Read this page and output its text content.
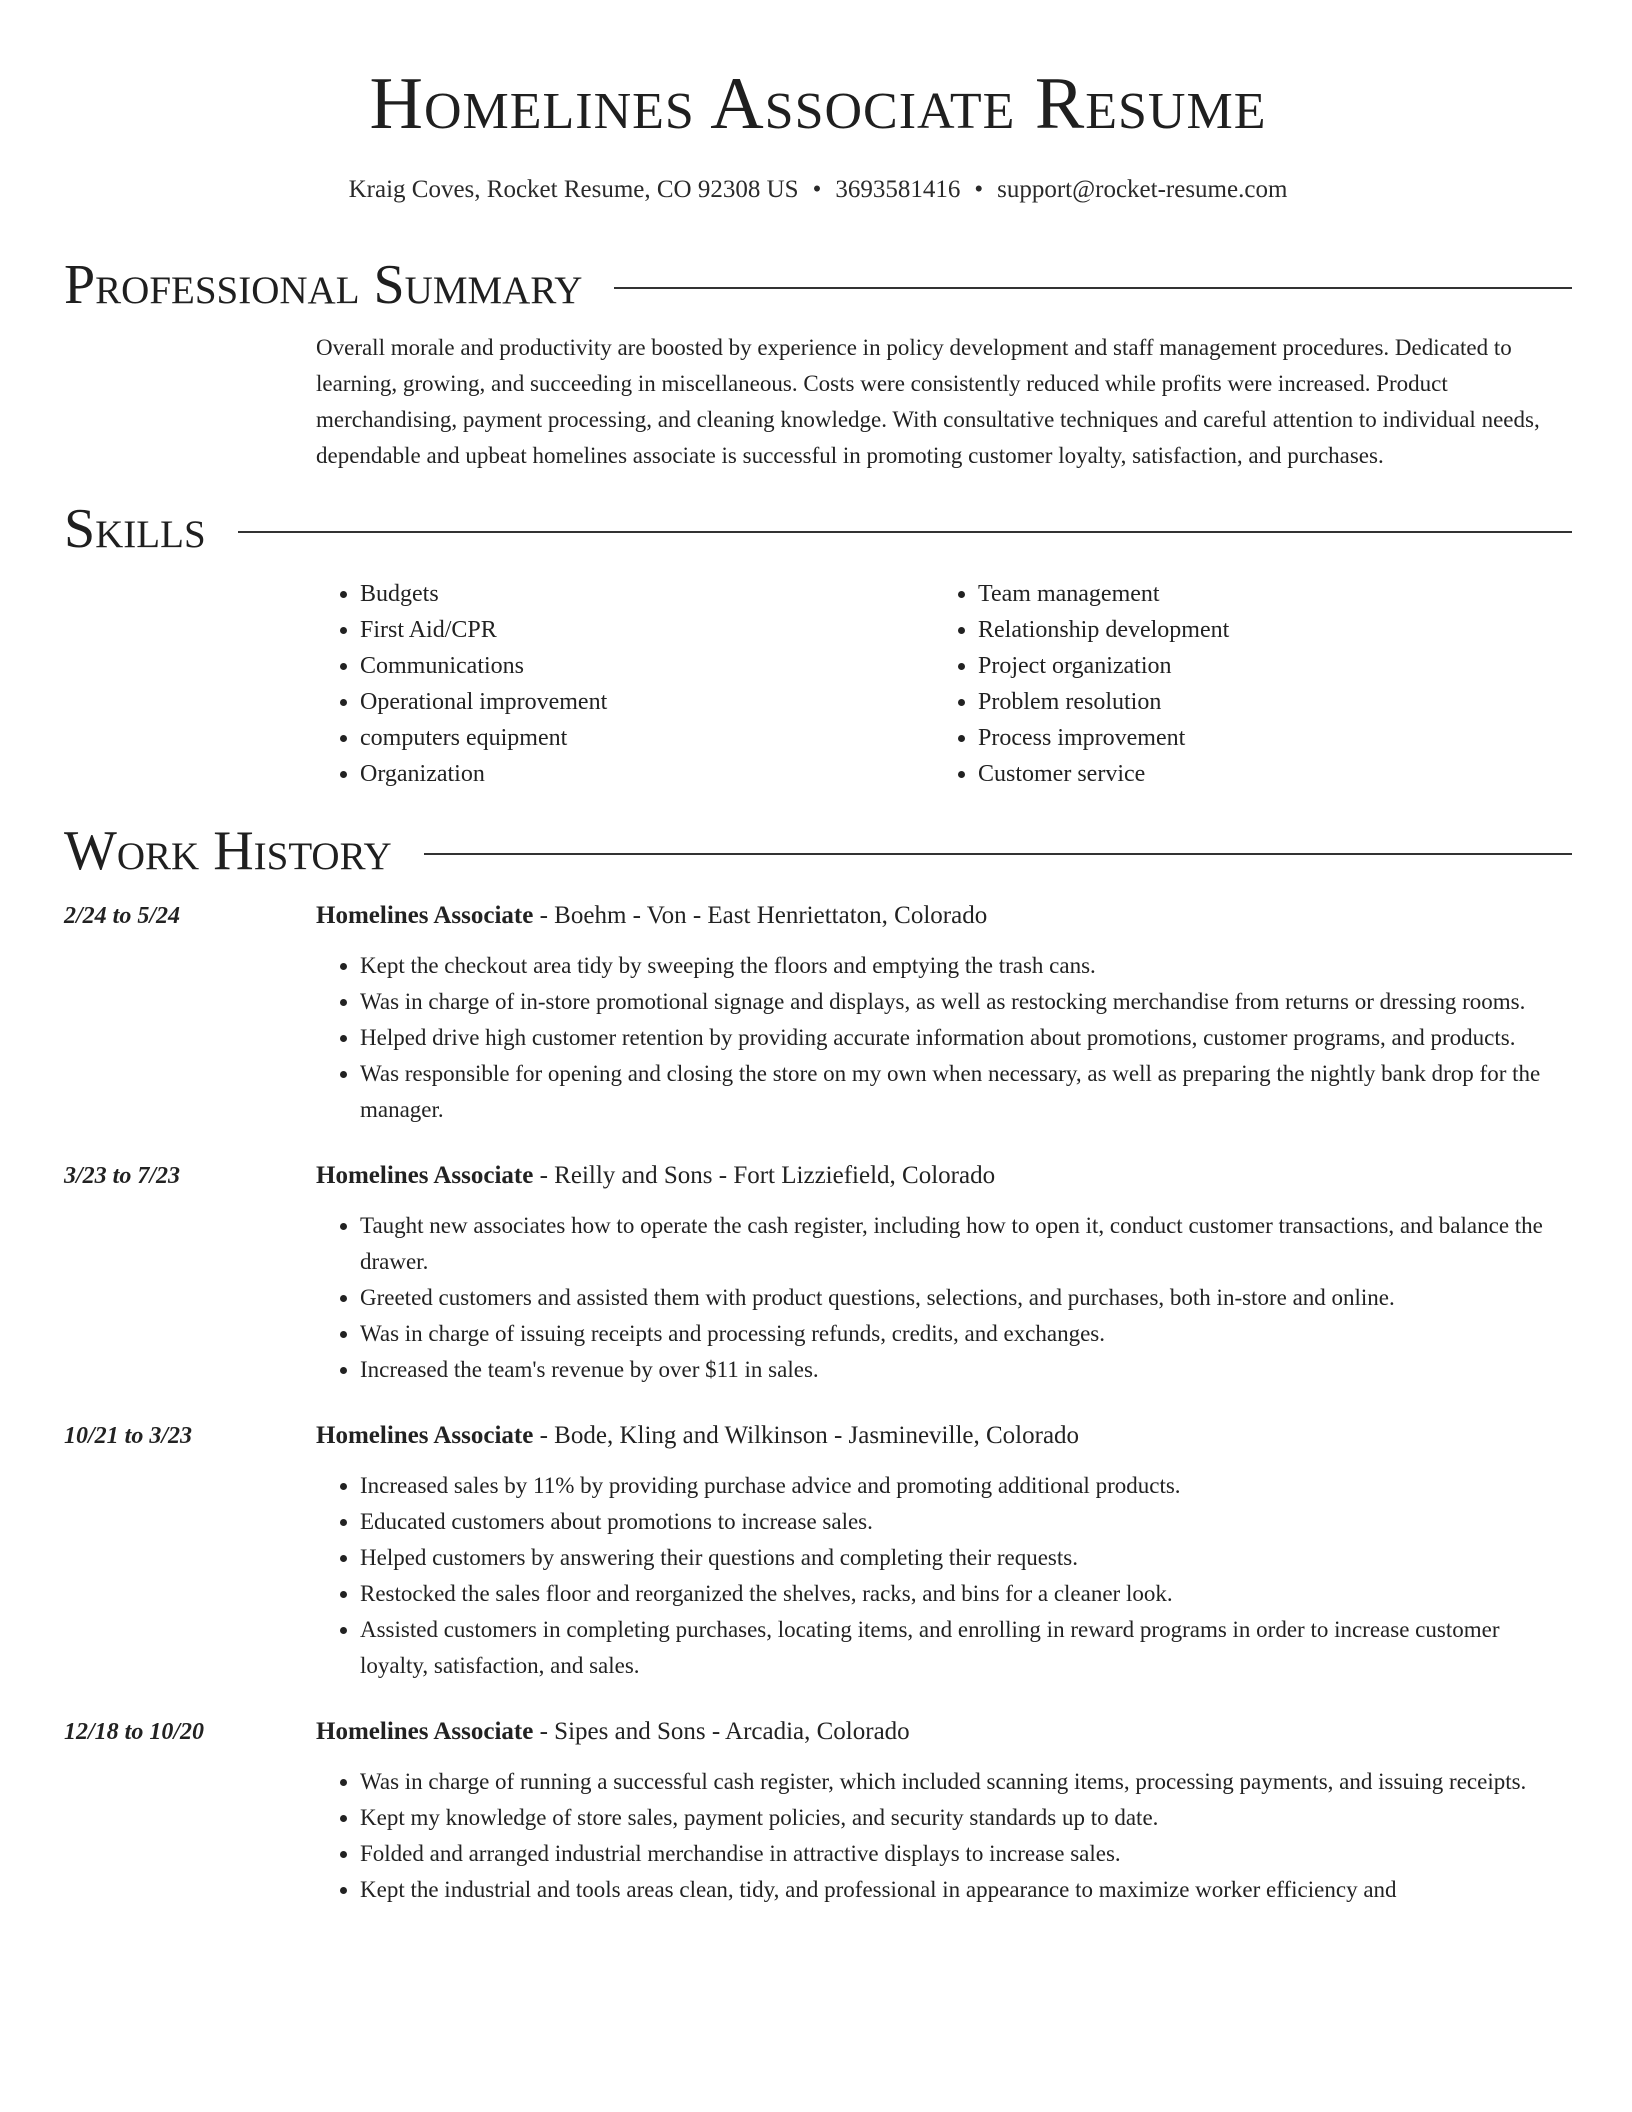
Homelines Associate Resume
Kraig Coves, Rocket Resume, CO 92308 US • 3693581416 • support@rocket-resume.com
Professional Summary
Overall morale and productivity are boosted by experience in policy development and staff management procedures. Dedicated to learning, growing, and succeeding in miscellaneous. Costs were consistently reduced while profits were increased. Product merchandising, payment processing, and cleaning knowledge. With consultative techniques and careful attention to individual needs, dependable and upbeat homelines associate is successful in promoting customer loyalty, satisfaction, and purchases.
Skills
• Budgets
• First Aid/CPR
• Communications
• Operational improvement
• computers equipment
• Organization
• Team management
• Relationship development
• Project organization
• Problem resolution
• Process improvement
• Customer service
Work History
2/24 to 5/24	Homelines Associate - Boehm - Von - East Henriettaton, Colorado
• Kept the checkout area tidy by sweeping the floors and emptying the trash cans.
• Was in charge of in-store promotional signage and displays, as well as restocking merchandise from returns or dressing rooms.
• Helped drive high customer retention by providing accurate information about promotions, customer programs, and products.
• Was responsible for opening and closing the store on my own when necessary, as well as preparing the nightly bank drop for the manager.
3/23 to 7/23	Homelines Associate - Reilly and Sons - Fort Lizziefield, Colorado
• Taught new associates how to operate the cash register, including how to open it, conduct customer transactions, and balance the drawer.
• Greeted customers and assisted them with product questions, selections, and purchases, both in-store and online.
• Was in charge of issuing receipts and processing refunds, credits, and exchanges.
• Increased the team's revenue by over $11 in sales.
10/21 to 3/23	Homelines Associate - Bode, Kling and Wilkinson - Jasmineville, Colorado
• Increased sales by 11% by providing purchase advice and promoting additional products.
• Educated customers about promotions to increase sales.
• Helped customers by answering their questions and completing their requests.
• Restocked the sales floor and reorganized the shelves, racks, and bins for a cleaner look.
• Assisted customers in completing purchases, locating items, and enrolling in reward programs in order to increase customer loyalty, satisfaction, and sales.
12/18 to 10/20	Homelines Associate - Sipes and Sons - Arcadia, Colorado
• Was in charge of running a successful cash register, which included scanning items, processing payments, and issuing receipts.
• Kept my knowledge of store sales, payment policies, and security standards up to date.
• Folded and arranged industrial merchandise in attractive displays to increase sales.
• Kept the industrial and tools areas clean, tidy, and professional in appearance to maximize worker efficiency and
